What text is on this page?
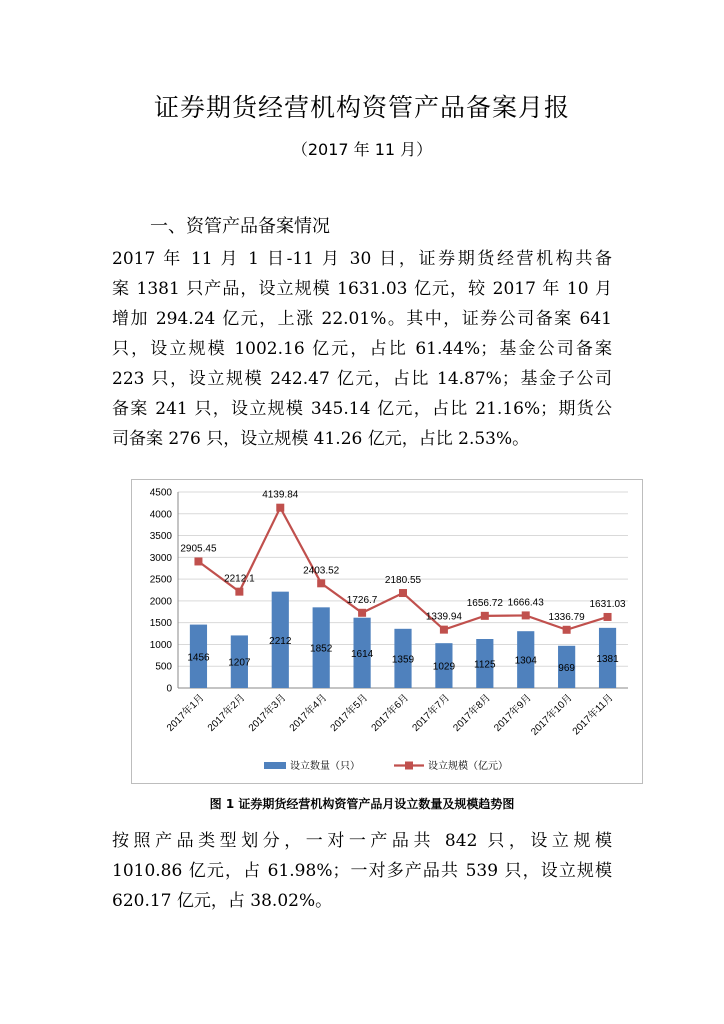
证券期货经营机构资管产品备案月报
（2017 年 11 月）
一、资管产品备案情况
2017 年 11 月 1 日-11 月 30 日，证券期货经营机构共备
案 1381 只产品，设立规模 1631.03 亿元，较 2017 年 10 月
增加 294.24 亿元，上涨 22.01%。其中，证券公司备案 641
只，设立规模 1002.16 亿元，占比 61.44%；基金公司备案
223 只，设立规模 242.47 亿元，占比 14.87%；基金子公司
备案 241 只，设立规模 345.14 亿元，占比 21.16%；期货公
司备案 276 只，设立规模 41.26 亿元，占比 2.53%。
0
500
1000
1500
2000
2500
3000
3500
4000
4500
1456 1207
2212
1852 1614
1359
1029 1125 1304
969
1381
2905.45
2212.1
4139.84
2403.52
1726.7
2180.55
1339.94
1656.72 1666.43
1336.79
1631.03
2017年1月 2017年2月 2017年3月 2017年4月 2017年5月 2017年6月 2017年7月 2017年8月 2017年9月
2017年10月
2017年11月
设立数量（只）	设立规模（亿元）
图 1 证券期货经营机构资管产品月设立数量及规模趋势图
按照产品类型划分，一对一产品共 842 只，设立规模
1010.86 亿元，占 61.98%；一对多产品共 539 只，设立规模
620.17 亿元，占 38.02%。
